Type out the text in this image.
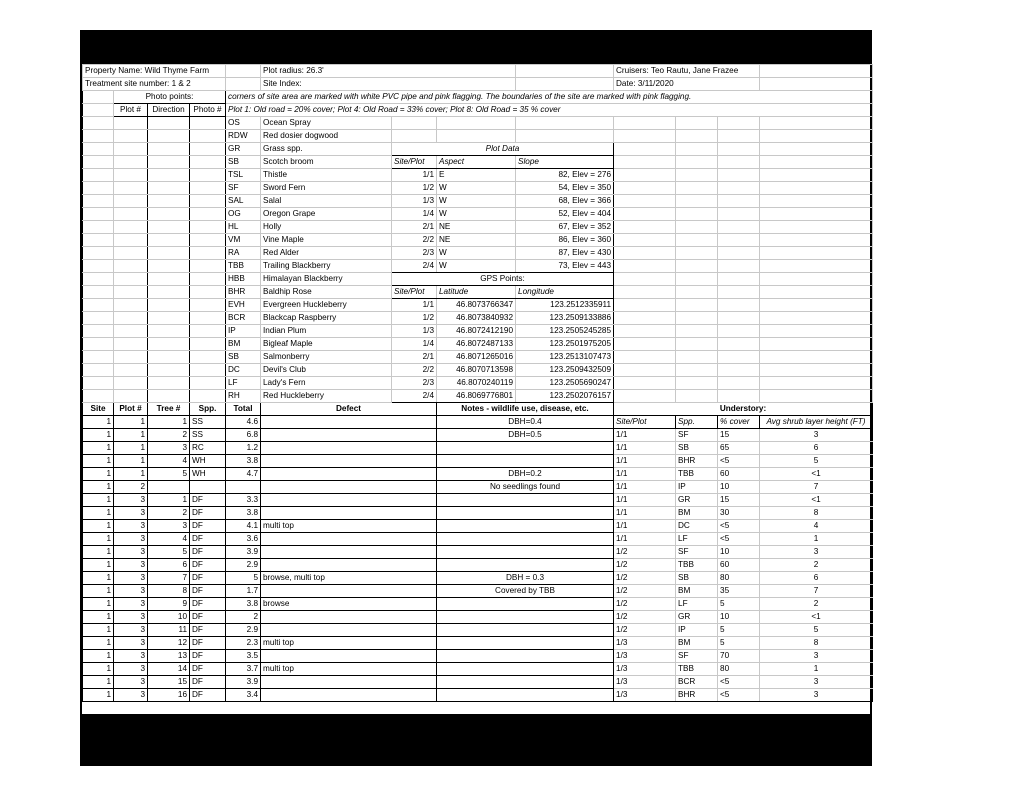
Property Name: Wild Thyme Farm					Plot radius: 26.3'				Cruisers: Teo Rautu, Jane Frazee			
Treatment site number: 1 & 2					Site Index:				Date: 3/11/2020			
	Photo points:			corners of site area are marked with white PVC pipe and pink flagging. The boundaries of the site are marked with pink flagging.								
	Plot #	Direction	Photo #	Plot 1: Old road = 20% cover; Plot 4: Old Road = 33% cover; Plot 8: Old Road = 35 % cover								
				OS	Ocean Spray							
				RDW	Red dosier dogwood							
				GR	Grass spp.	Plot Data						
				SB	Scotch broom	Site/Plot	Aspect	Slope				
				TSL	Thistle	1/1	E	82, Elev = 276				
				SF	Sword Fern	1/2	W	54, Elev = 350				
				SAL	Salal	1/3	W	68, Elev = 366				
				OG	Oregon Grape	1/4	W	52, Elev = 404				
				HL	Holly	2/1	NE	67, Elev = 352				
				VM	Vine Maple	2/2	NE	86, Elev = 360				
				RA	Red Alder	2/3	W	87, Elev = 430				
				TBB	Trailing Blackberry	2/4	W	73, Elev = 443				
				HBB	Himalayan Blackberry	GPS Points:						
				BHR	Baldhip Rose	Site/Plot	Latitude	Longitude				
				EVH	Evergreen Huckleberry	1/1	46.8073766347	123.2512335911				
				BCR	Blackcap Raspberry	1/2	46.8073840932	123.2509133886				
				IP	Indian Plum	1/3	46.8072412190	123.2505245285				
				BM	Bigleaf Maple	1/4	46.8072487133	123.2501975205				
				SB	Salmonberry	2/1	46.8071265016	123.2513107473				
				DC	Devil's Club	2/2	46.8070713598	123.2509432509				
				LF	Lady's Fern	2/3	46.8070240119	123.2505690247				
				RH	Red Huckleberry	2/4	46.8069776801	123.2502076157				
Site	Plot #	Tree #	Spp.	Total	Defect		Notes - wildlife use, disease, etc.		Understory:			
1	1	1	SS	4.6			DBH=0.4		Site/Plot	Spp.	% cover	Avg shrub layer height (FT)
1	1	2	SS	6.8			DBH=0.5		1/1	SF	15	3
1	1	3	RC	1.2					1/1	SB	65	6
1	1	4	WH	3.8					1/1	BHR	<5	5
1	1	5	WH	4.7			DBH=0.2		1/1	TBB	60	<1
1	2						No seedlings found		1/1	IP	10	7
1	3	1	DF	3.3					1/1	GR	15	<1
1	3	2	DF	3.8					1/1	BM	30	8
1	3	3	DF	4.1	multi top				1/1	DC	<5	4
1	3	4	DF	3.6					1/1	LF	<5	1
1	3	5	DF	3.9					1/2	SF	10	3
1	3	6	DF	2.9					1/2	TBB	60	2
1	3	7	DF	5	browse, multi top		DBH = 0.3		1/2	SB	80	6
1	3	8	DF	1.7			Covered by TBB		1/2	BM	35	7
1	3	9	DF	3.8	browse				1/2	LF	5	2
1	3	10	DF	2					1/2	GR	10	<1
1	3	11	DF	2.9					1/2	IP	5	5
1	3	12	DF	2.3	multi top				1/3	BM	5	8
1	3	13	DF	3.5					1/3	SF	70	3
1	3	14	DF	3.7	multi top				1/3	TBB	80	1
1	3	15	DF	3.9					1/3	BCR	<5	3
1	3	16	DF	3.4					1/3	BHR	<5	3
